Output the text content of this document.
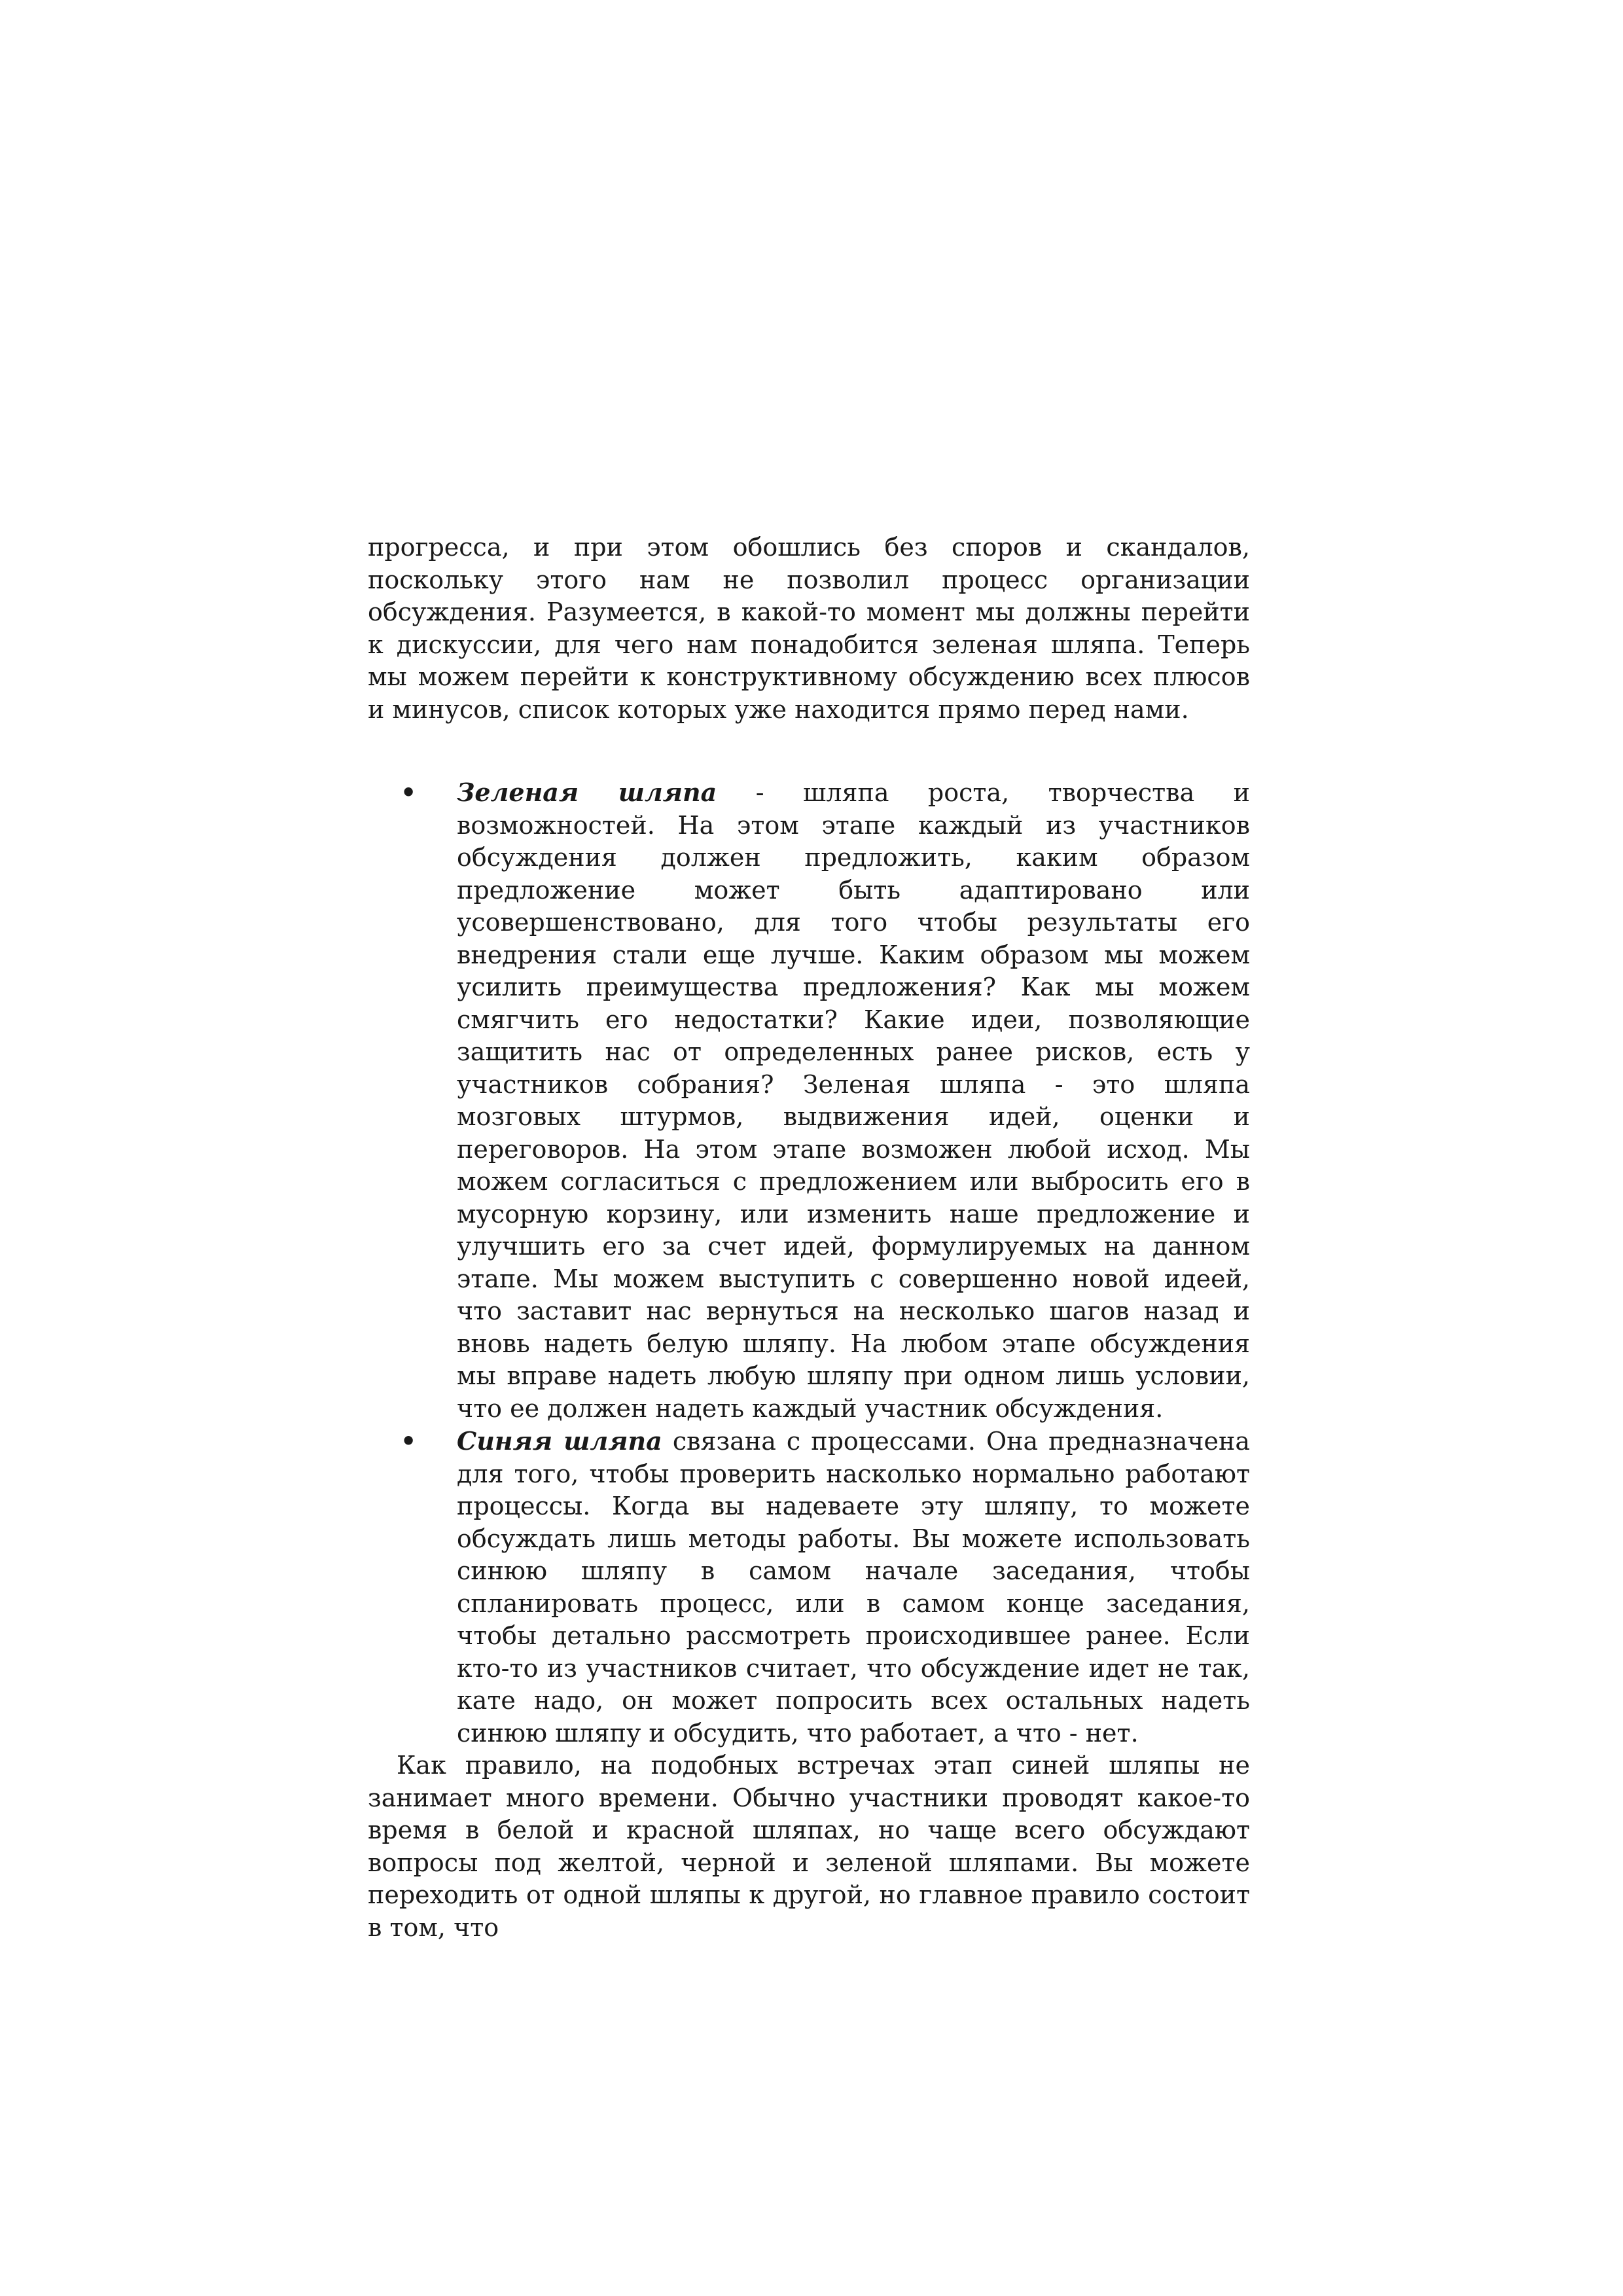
прогресса, и при этом обошлись без споров и скандалов, поскольку этого нам не позволил процесс организации обсуждения. Разумеется, в какой-то момент мы должны перейти к дискуссии, для чего нам понадобится зеленая шляпа. Теперь мы можем перейти к конструктивному обсуждению всех плюсов и минусов, список которых уже находится прямо перед нами.

• Зеленая шляпа - шляпа роста, творчества и возможностей. На этом этапе каждый из участников обсуждения должен предложить, каким образом предложение может быть адаптировано или усовершенствовано, для того чтобы результаты его внедрения стали еще лучше. Каким образом мы можем усилить преимущества предложения? Как мы можем смягчить его недостатки? Какие идеи, позволяющие защитить нас от определенных ранее рисков, есть у участников собрания? Зеленая шляпа - это шляпа мозговых штурмов, выдвижения идей, оценки и переговоров. На этом этапе возможен любой исход. Мы можем согласиться с предложением или выбросить его в мусорную корзину, или изменить наше предложение и улучшить его за счет идей, формулируемых на данном этапе. Мы можем выступить с совершенно новой идеей, что заставит нас вернуться на несколько шагов назад и вновь надеть белую шляпу. На любом этапе обсуждения мы вправе надеть любую шляпу при одном лишь условии, что ее должен надеть каждый участник обсуждения.
• Синяя шляпа связана с процессами. Она предназначена для того, чтобы проверить насколько нормально работают процессы. Когда вы надеваете эту шляпу, то можете обсуждать лишь методы работы. Вы можете использовать синюю шляпу в самом начале заседания, чтобы спланировать процесс, или в самом конце заседания, чтобы детально рассмотреть происходившее ранее. Если кто-то из участников считает, что обсуждение идет не так, кате надо, он может попросить всех остальных надеть синюю шляпу и обсудить, что работает, а что - нет.

Как правило, на подобных встречах этап синей шляпы не занимает много времени. Обычно участники проводят какое-то время в белой и красной шляпах, но чаще всего обсуждают вопросы под желтой, черной и зеленой шляпами. Вы можете переходить от одной шляпы к другой, но главное правило состоит в том, что
